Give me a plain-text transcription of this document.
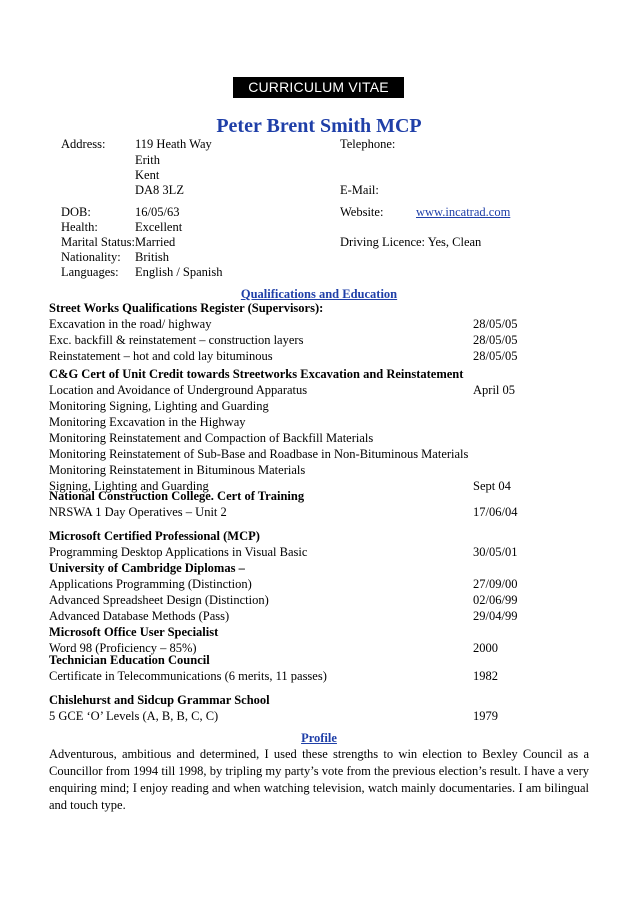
CURRICULUM VITAE
Peter Brent Smith MCP
Address: 119 Heath Way
Erith
Kent
DA8 3LZ
Telephone:
E-Mail:
DOB:	16/05/63	Website:	www.incatrad.com
Health:	Excellent
Marital Status: Married	Driving Licence: Yes, Clean
Nationality: British
Languages: English / Spanish
Qualifications and Education
Street Works Qualifications Register (Supervisors):
Excavation in the road/ highway	28/05/05
Exc. backfill & reinstatement – construction layers	28/05/05
Reinstatement – hot and cold lay bituminous	28/05/05
C&G Cert of Unit Credit towards Streetworks Excavation and Reinstatement
Location and Avoidance of Underground Apparatus	April 05
Monitoring Signing, Lighting and Guarding
Monitoring Excavation in the Highway
Monitoring Reinstatement and Compaction of Backfill Materials
Monitoring Reinstatement of Sub-Base and Roadbase in Non-Bituminous Materials
Monitoring Reinstatement in Bituminous Materials
Signing, Lighting and Guarding	Sept 04
National Construction College. Cert of Training
NRSWA 1 Day Operatives – Unit 2	17/06/04
Microsoft Certified Professional (MCP)
Programming Desktop Applications in Visual Basic	30/05/01
University of Cambridge Diplomas –
Applications Programming (Distinction)	27/09/00
Advanced Spreadsheet Design (Distinction)	02/06/99
Advanced Database Methods (Pass)	29/04/99
Microsoft Office User Specialist
Word 98 (Proficiency – 85%)	2000
Technician Education Council
Certificate in Telecommunications (6 merits, 11 passes)	1982
Chislehurst and Sidcup Grammar School
5 GCE ‘O’ Levels (A, B, B, C, C)	1979
Profile
Adventurous, ambitious and determined, I used these strengths to win election to Bexley Council as a Councillor from 1994 till 1998, by tripling my party’s vote from the previous election’s result. I have a very enquiring mind; I enjoy reading and when watching television, watch mainly documentaries. I am bilingual and touch type.
